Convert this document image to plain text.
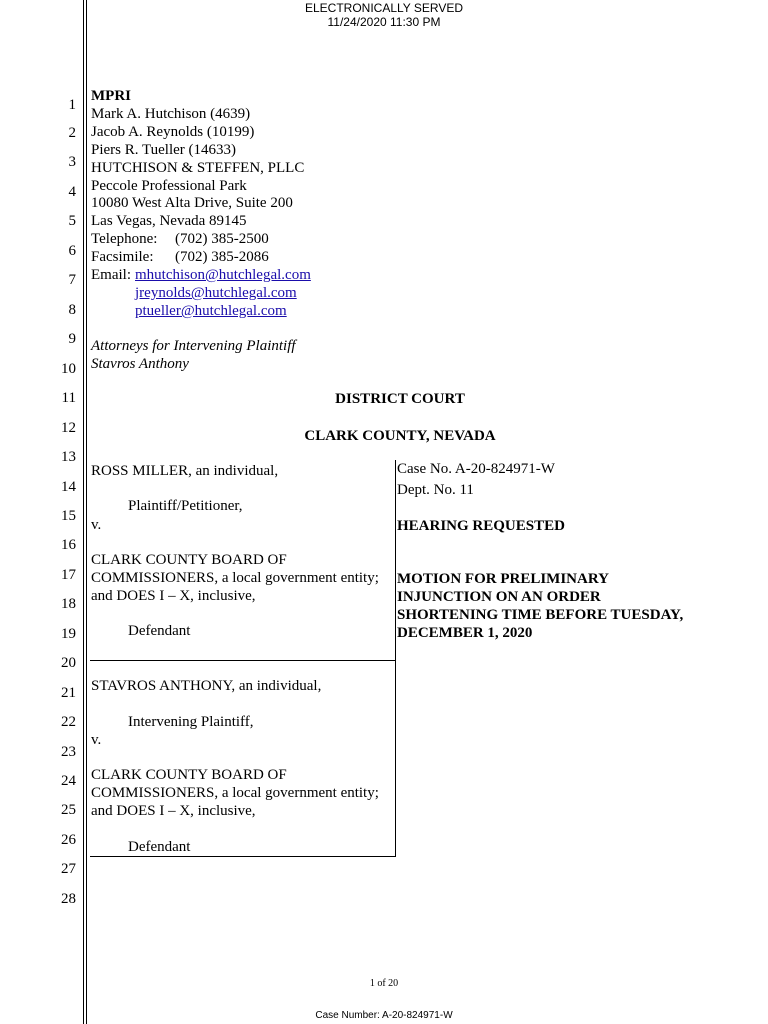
ELECTRONICALLY SERVED
11/24/2020 11:30 PM
1
2
3
4
5
6
7
8
9
10
11
12
13
14
15
16
17
18
19
20
21
22
23
24
25
26
27
28
MPRI
Mark A. Hutchison (4639)
Jacob A. Reynolds (10199)
Piers R. Tueller (14633)
HUTCHISON & STEFFEN, PLLC
Peccole Professional Park
10080 West Alta Drive, Suite 200
Las Vegas, Nevada 89145
Telephone: (702) 385-2500
Facsimile: (702) 385-2086
Email: mhutchison@hutchlegal.com
jreynolds@hutchlegal.com
ptueller@hutchlegal.com
Attorneys for Intervening Plaintiff
Stavros Anthony
DISTRICT COURT
CLARK COUNTY, NEVADA
ROSS MILLER, an individual,
Plaintiff/Petitioner,
v.
CLARK COUNTY BOARD OF
COMMISSIONERS, a local government entity;
and DOES I – X, inclusive,
Defendant
STAVROS ANTHONY, an individual,
Intervening Plaintiff,
v.
CLARK COUNTY BOARD OF
COMMISSIONERS, a local government entity;
and DOES I – X, inclusive,
Defendant
Case No. A-20-824971-W
Dept. No. 11
HEARING REQUESTED
MOTION FOR PRELIMINARY
INJUNCTION ON AN ORDER
SHORTENING TIME BEFORE TUESDAY,
DECEMBER 1, 2020
1 of 20
Case Number: A-20-824971-W
